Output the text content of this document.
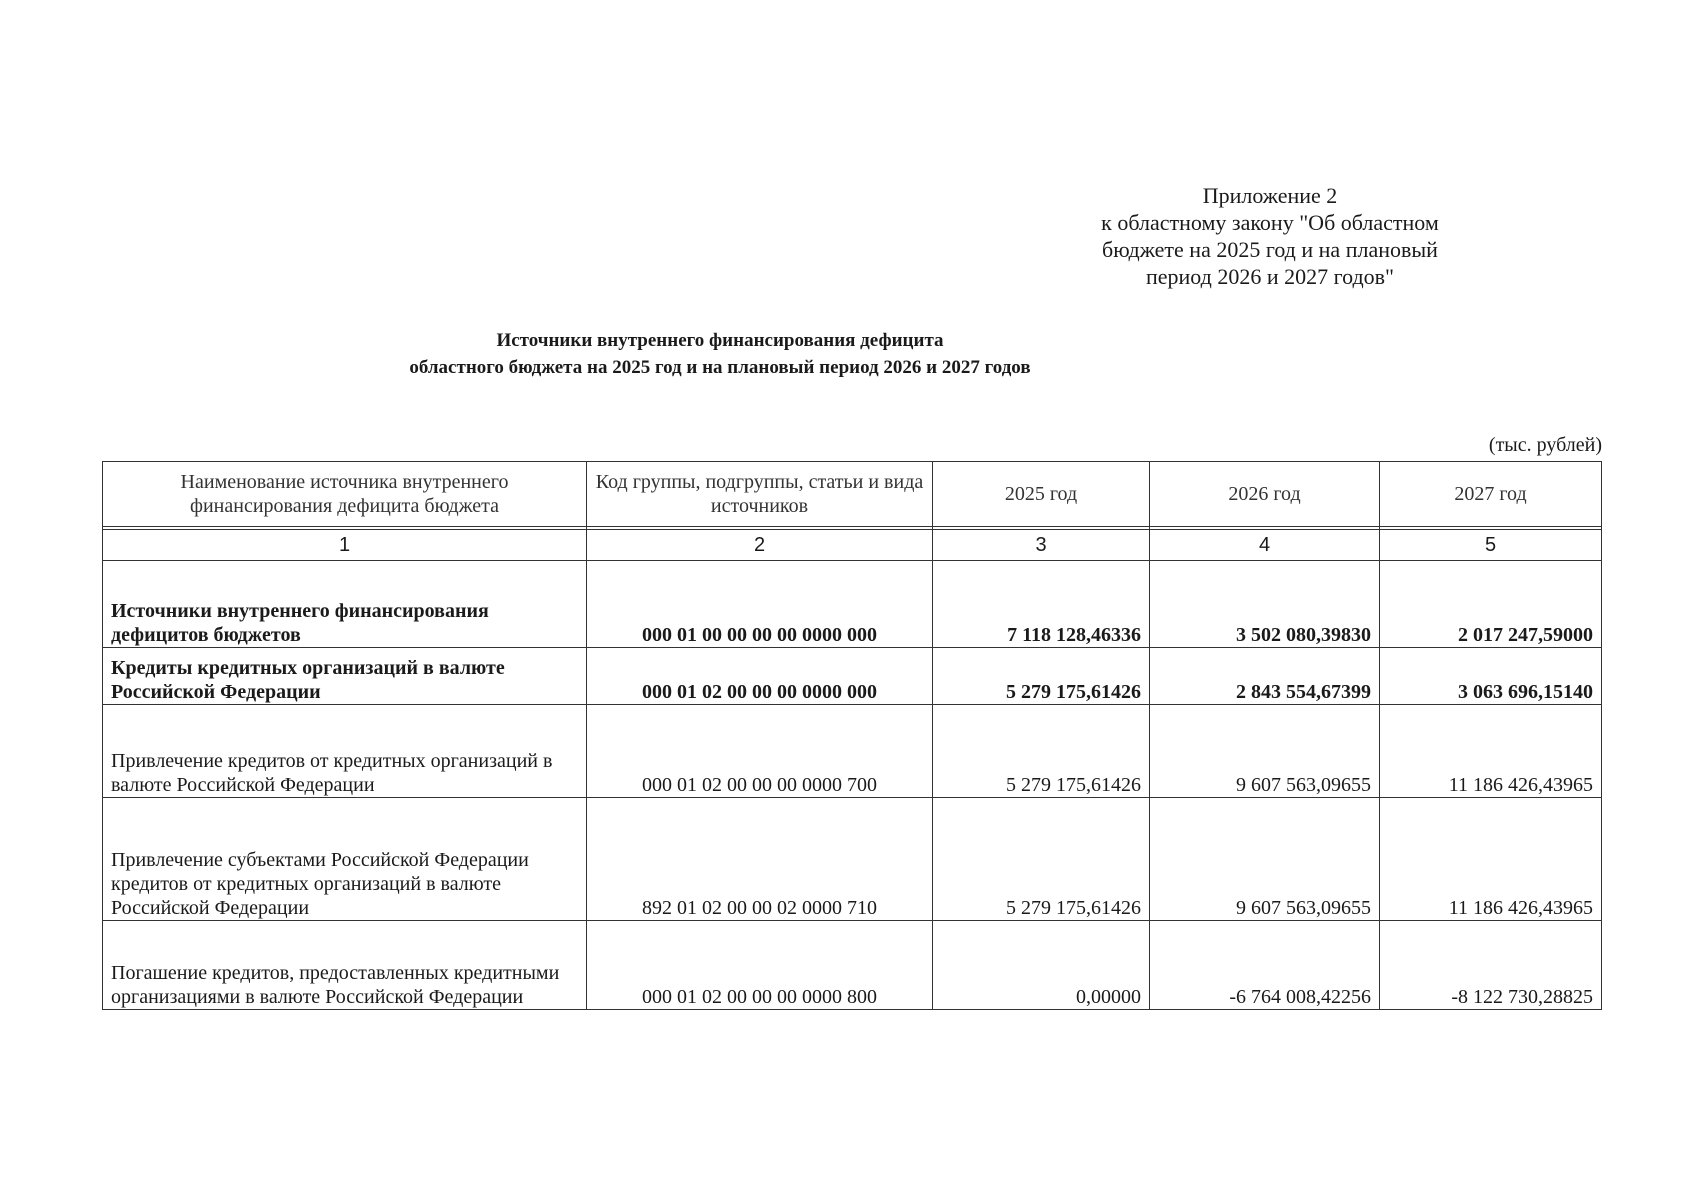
Приложение 2
к областному закону "Об областном
бюджете на 2025 год и на плановый
период 2026 и 2027 годов"
Источники внутреннего финансирования дефицита
областного бюджета на 2025 год и на плановый период 2026 и 2027 годов
(тыс. рублей)
Наименование источника внутреннего финансирования дефицита бюджета	Код группы, подгруппы, статьи и вида источников	2025 год	2026 год	2027 год

1	2	3	4	5
Источники внутреннего финансирования дефицитов бюджетов	000 01 00 00 00 00 0000 000	7 118 128,46336	3 502 080,39830	2 017 247,59000
Кредиты кредитных организаций в валюте Российской Федерации	000 01 02 00 00 00 0000 000	5 279 175,61426	2 843 554,67399	3 063 696,15140
Привлечение кредитов от кредитных организаций в валюте Российской Федерации	000 01 02 00 00 00 0000 700	5 279 175,61426	9 607 563,09655	11 186 426,43965
Привлечение субъектами Российской Федерации кредитов от кредитных организаций в валюте Российской Федерации	892 01 02 00 00 02 0000 710	5 279 175,61426	9 607 563,09655	11 186 426,43965
Погашение кредитов, предоставленных кредитными организациями в валюте Российской Федерации	000 01 02 00 00 00 0000 800	0,00000	-6 764 008,42256	-8 122 730,28825
